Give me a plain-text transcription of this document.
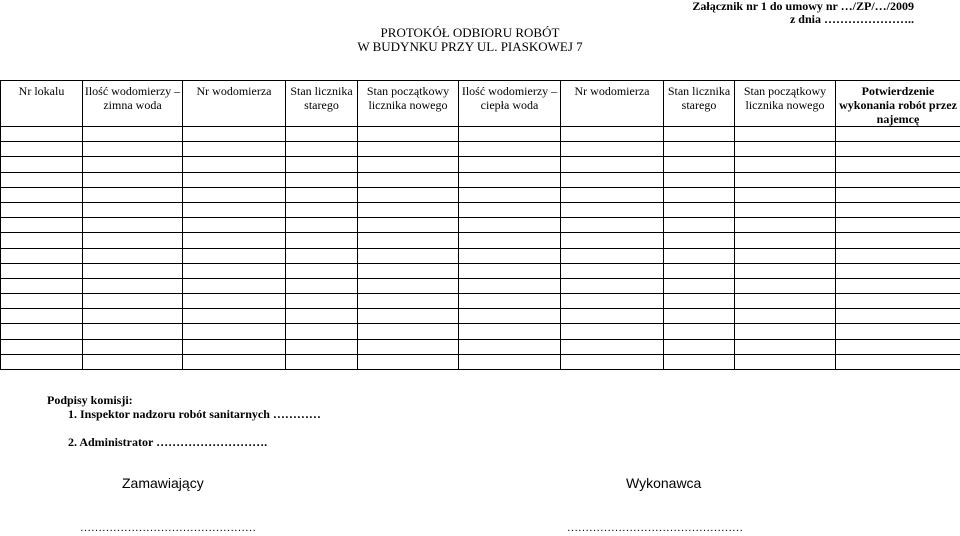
Załącznik nr 1 do umowy nr …/ZP/…/2009
z dnia …………………..
PROTOKÓŁ ODBIORU ROBÓT
W BUDYNKU PRZY UL. PIASKOWEJ 7
Nr lokalu	Ilość wodomierzy – zimna woda	Nr wodomierza	Stan licznika starego	Stan początkowy licznika nowego	Ilość wodomierzy – ciepła woda	Nr wodomierza	Stan licznika starego	Stan początkowy licznika nowego	Potwierdzenie wykonania robót przez najemcę

Podpisy komisji:
1. Inspektor nadzoru robót sanitarnych …………
2. Administrator ……………………….
Zamawiający	Wykonawca
…………………………………………	…………………………………………
